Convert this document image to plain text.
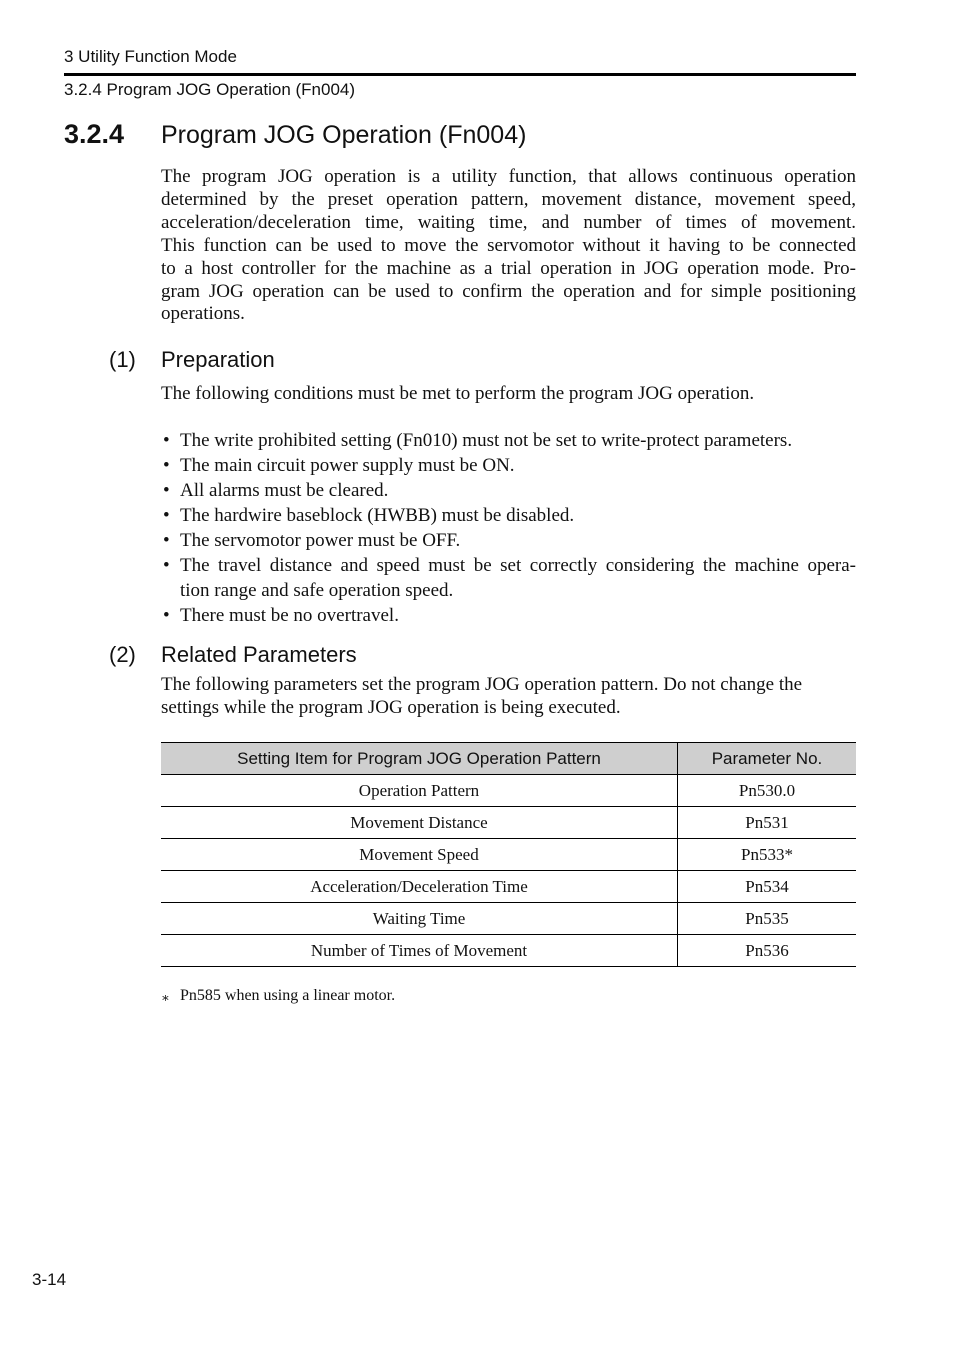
3 Utility Function Mode
3.2.4 Program JOG Operation (Fn004)
3.2.4	Program JOG Operation (Fn004)

The program JOG operation is a utility function, that allows continuous operation

determined by the preset operation pattern, movement distance, movement speed,

acceleration/deceleration time, waiting time, and number of times of movement.

This function can be used to move the servomotor without it having to be connected

to a host controller for the machine as a trial operation in JOG operation mode. Pro-

gram JOG operation can be used to confirm the operation and for simple positioning

operations.

(1)	Preparation
The following conditions must be met to perform the program JOG operation.
• The write prohibited setting (Fn010) must not be set to write-protect parameters.
• The main circuit power supply must be ON.
• All alarms must be cleared.
• The hardwire baseblock (HWBB) must be disabled.
• The servomotor power must be OFF.
• The travel distance and speed must be set correctly considering the machine opera-
tion range and safe operation speed.
• There must be no overtravel.
(2)	Related Parameters
The following parameters set the program JOG operation pattern. Do not change the
settings while the program JOG operation is being executed.
Setting Item for Program JOG Operation Pattern	Parameter No.
Operation Pattern	Pn530.0
Movement Distance	Pn531
Movement Speed	Pn533*
Acceleration/Deceleration Time	Pn534
Waiting Time	Pn535
Number of Times of Movement	Pn536
∗ Pn585 when using a linear motor.
3-14
